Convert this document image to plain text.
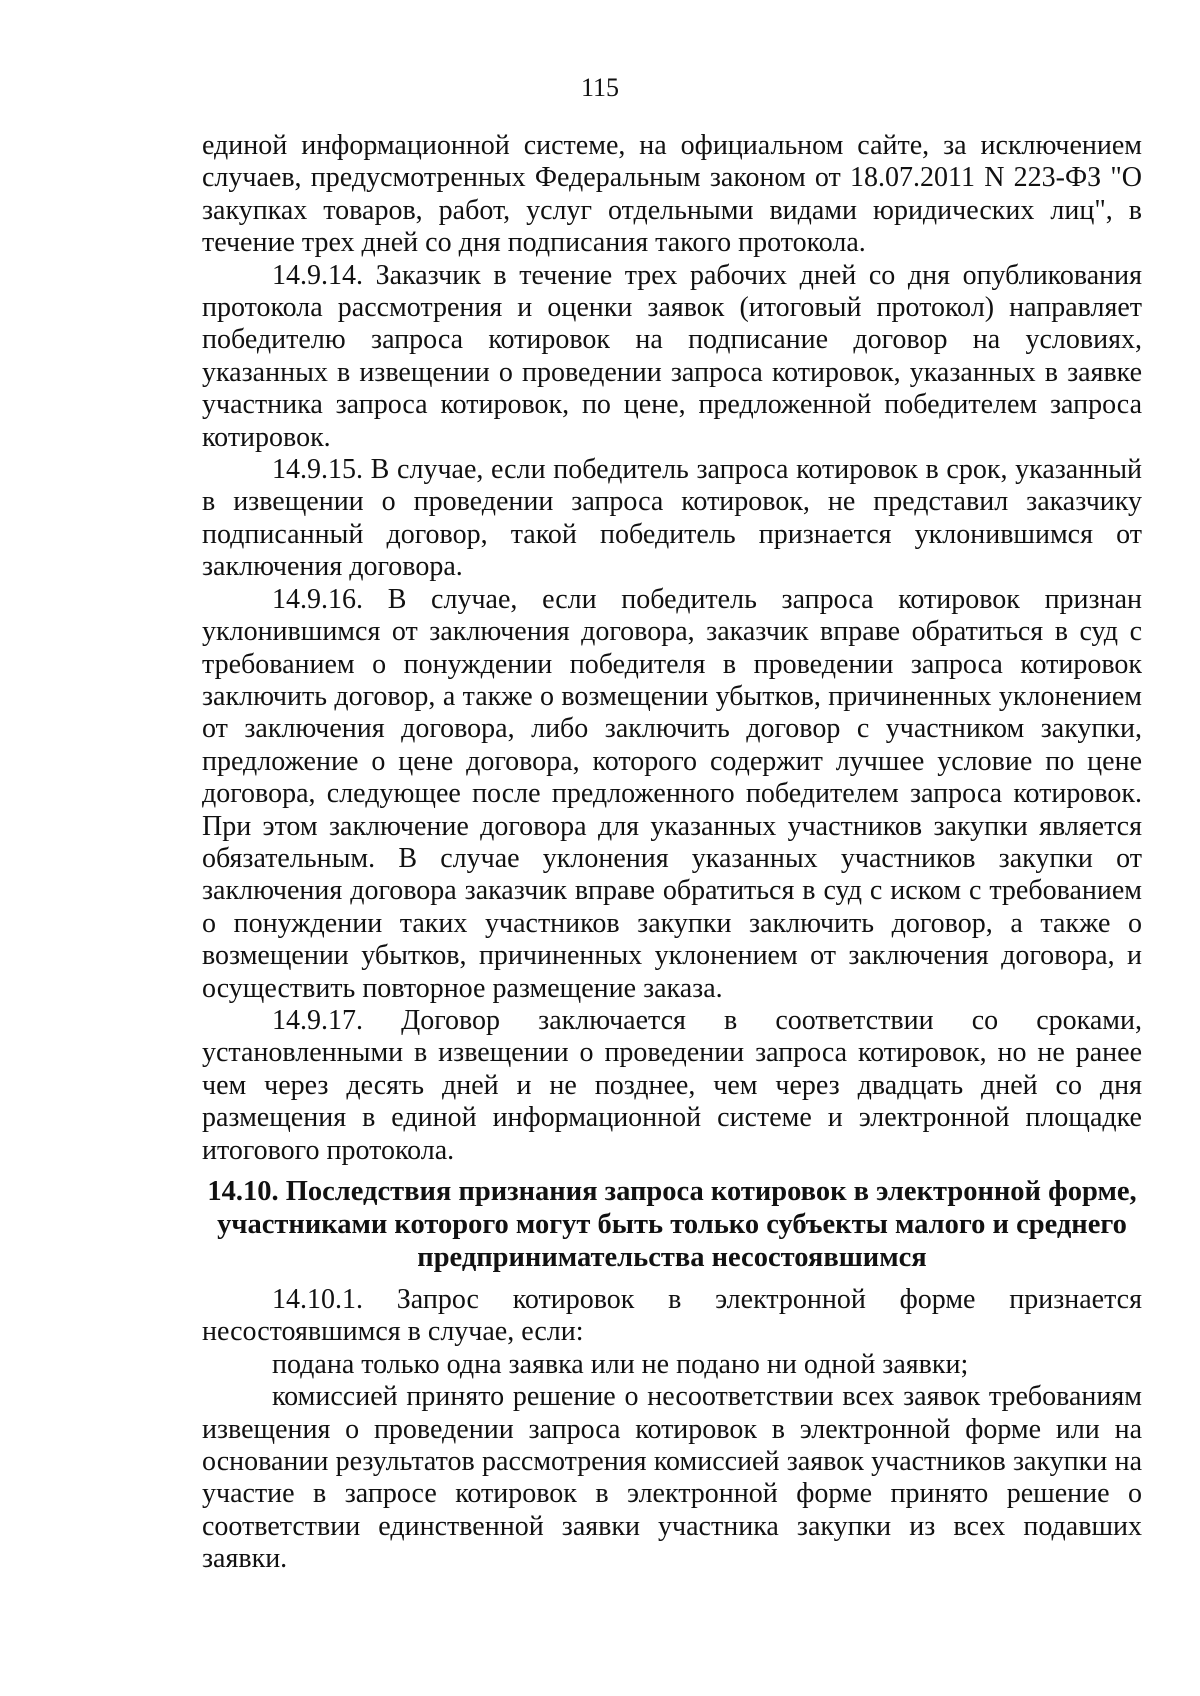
115

единой информационной системе, на официальном сайте, за исключением случаев, предусмотренных Федеральным законом от 18.07.2011 N 223-ФЗ "О закупках товаров, работ, услуг отдельными видами юридических лиц", в течение трех дней со дня подписания такого протокола.

14.9.14. Заказчик в течение трех рабочих дней со дня опубликования протокола рассмотрения и оценки заявок (итоговый протокол) направляет победителю запроса котировок на подписание договор на условиях, указанных в извещении о проведении запроса котировок, указанных в заявке участника запроса котировок, по цене, предложенной победителем запроса котировок.

14.9.15. В случае, если победитель запроса котировок в срок, указанный в извещении о проведении запроса котировок, не представил заказчику подписанный договор, такой победитель признается уклонившимся от заключения договора.

14.9.16. В случае, если победитель запроса котировок признан уклонившимся от заключения договора, заказчик вправе обратиться в суд с требованием о понуждении победителя в проведении запроса котировок заключить договор, а также о возмещении убытков, причиненных уклонением от заключения договора, либо заключить договор с участником закупки, предложение о цене договора, которого содержит лучшее условие по цене договора, следующее после предложенного победителем запроса котировок. При этом заключение договора для указанных участников закупки является обязательным. В случае уклонения указанных участников закупки от заключения договора заказчик вправе обратиться в суд с иском с требованием о понуждении таких участников закупки заключить договор, а также о возмещении убытков, причиненных уклонением от заключения договора, и осуществить повторное размещение заказа.

14.9.17. Договор заключается в соответствии со сроками, установленными в извещении о проведении запроса котировок, но не ранее чем через десять дней и не позднее, чем через двадцать дней со дня размещения в единой информационной системе и электронной площадке итогового протокола.

14.10. Последствия признания запроса котировок в электронной форме, участниками которого могут быть только субъекты малого и среднего предпринимательства несостоявшимся

14.10.1. Запрос котировок в электронной форме признается несостоявшимся в случае, если:

подана только одна заявка или не подано ни одной заявки;

комиссией принято решение о несоответствии всех заявок требованиям извещения о проведении запроса котировок в электронной форме или на основании результатов рассмотрения комиссией заявок участников закупки на участие в запросе котировок в электронной форме принято решение о соответствии единственной заявки участника закупки из всех подавших заявки.
